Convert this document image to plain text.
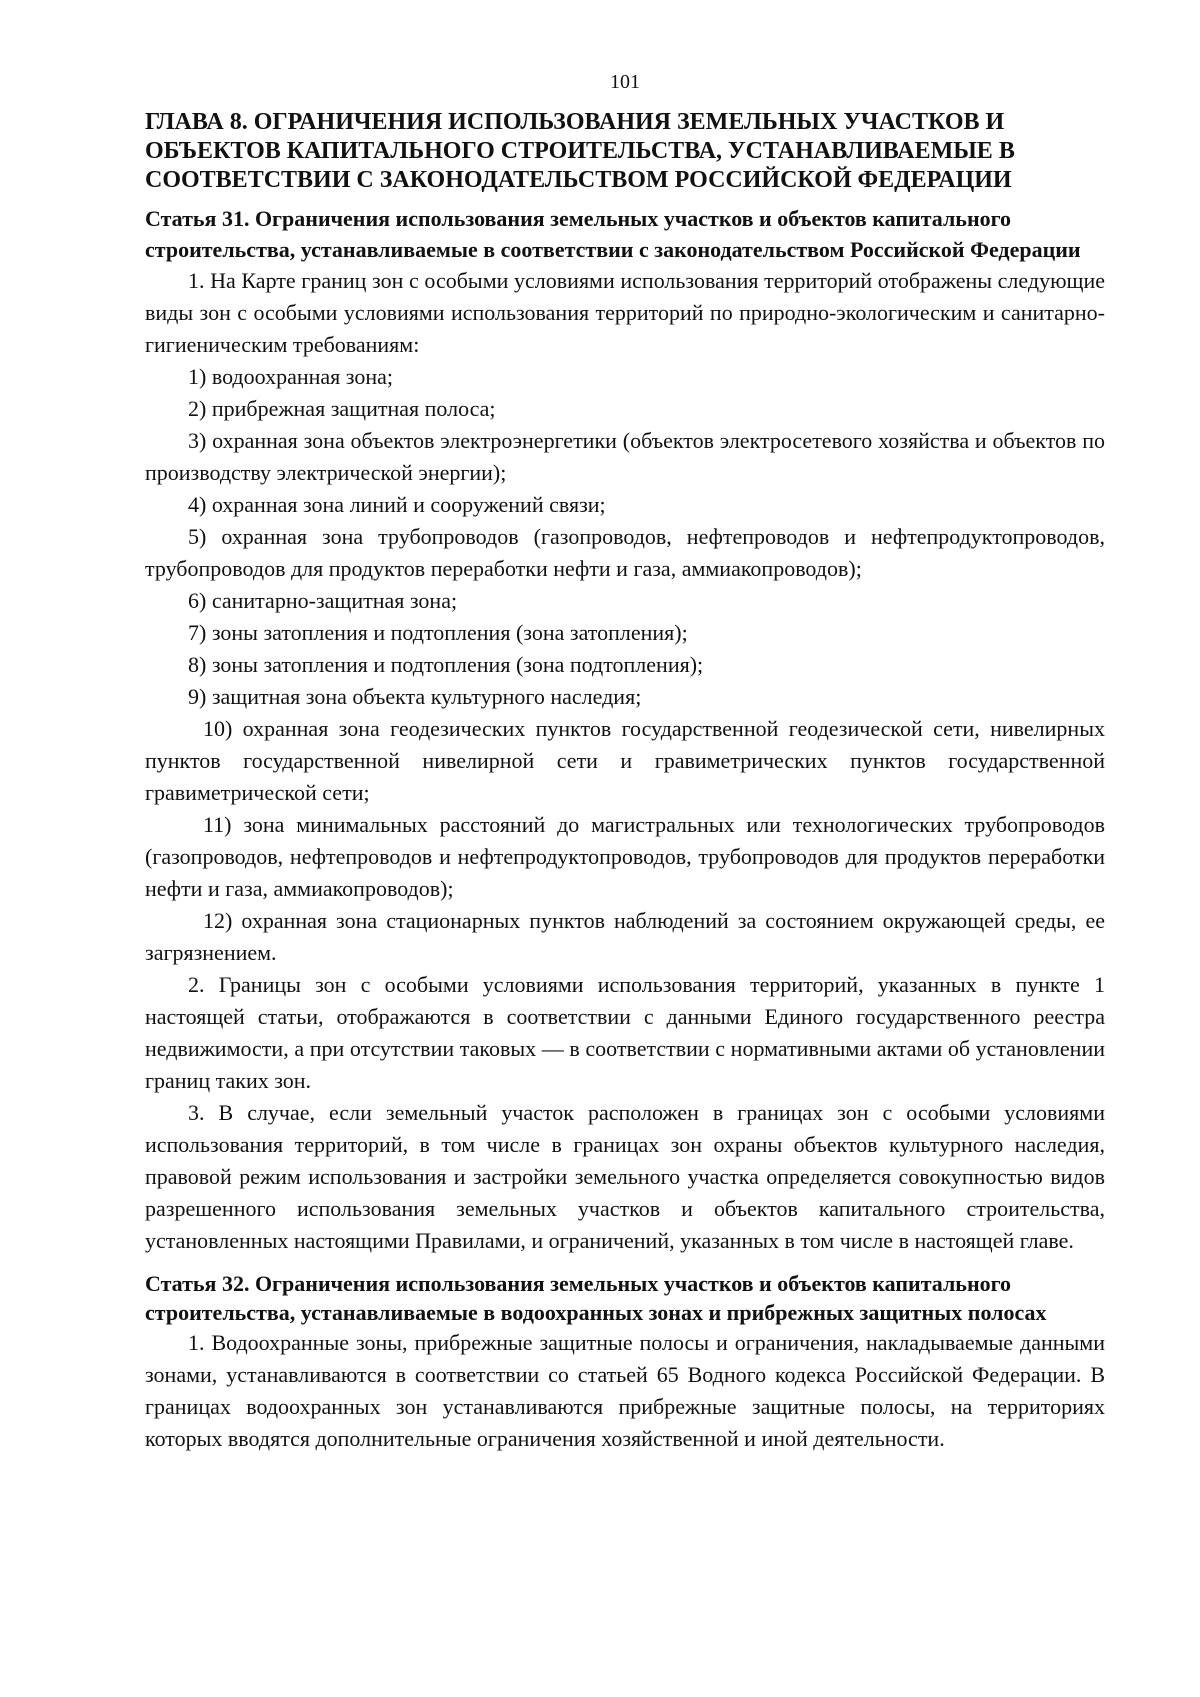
101
ГЛАВА 8. ОГРАНИЧЕНИЯ ИСПОЛЬЗОВАНИЯ ЗЕМЕЛЬНЫХ УЧАСТКОВ И ОБЪЕКТОВ КАПИТАЛЬНОГО СТРОИТЕЛЬСТВА, УСТАНАВЛИВАЕМЫЕ В СООТВЕТСТВИИ С ЗАКОНОДАТЕЛЬСТВОМ РОССИЙСКОЙ ФЕДЕРАЦИИ
Статья 31. Ограничения использования земельных участков и объектов капитального строительства, устанавливаемые в соответствии с законодательством Российской Федерации

1. На Карте границ зон с особыми условиями использования территорий отображены следующие виды зон с особыми условиями использования территорий по природно-экологическим и санитарно-гигиеническим требованиям:

1) водоохранная зона;

2) прибрежная защитная полоса;

3) охранная зона объектов электроэнергетики (объектов электросетевого хозяйства и объектов по производству электрической энергии);

4) охранная зона линий и сооружений связи;

5) охранная зона трубопроводов (газопроводов, нефтепроводов и нефтепродуктопроводов, трубопроводов для продуктов переработки нефти и газа, аммиакопроводов);

6) санитарно-защитная зона;

7) зоны затопления и подтопления (зона затопления);

8) зоны затопления и подтопления (зона подтопления);

9) защитная зона объекта культурного наследия;

10) охранная зона геодезических пунктов государственной геодезической сети, нивелирных пунктов государственной нивелирной сети и гравиметрических пунктов государственной гравиметрической сети;

11) зона минимальных расстояний до магистральных или технологических трубопроводов (газопроводов, нефтепроводов и нефтепродуктопроводов, трубопроводов для продуктов переработки нефти и газа, аммиакопроводов);

12) охранная зона стационарных пунктов наблюдений за состоянием окружающей среды, ее загрязнением.

2. Границы зон с особыми условиями использования территорий, указанных в пункте 1 настоящей статьи, отображаются в соответствии с данными Единого государственного реестра недвижимости, а при отсутствии таковых — в соответствии с нормативными актами об установлении границ таких зон.

3. В случае, если земельный участок расположен в границах зон с особыми условиями использования территорий, в том числе в границах зон охраны объектов культурного наследия, правовой режим использования и застройки земельного участка определяется совокупностью видов разрешенного использования земельных участков и объектов капитального строительства, установленных настоящими Правилами, и ограничений, указанных в том числе в настоящей главе.

Статья 32. Ограничения использования земельных участков и объектов капитального строительства, устанавливаемые в водоохранных зонах и прибрежных защитных полосах

1. Водоохранные зоны, прибрежные защитные полосы и ограничения, накладываемые данными зонами, устанавливаются в соответствии со статьей 65 Водного кодекса Российской Федерации. В границах водоохранных зон устанавливаются прибрежные защитные полосы, на территориях которых вводятся дополнительные ограничения хозяйственной и иной деятельности.
